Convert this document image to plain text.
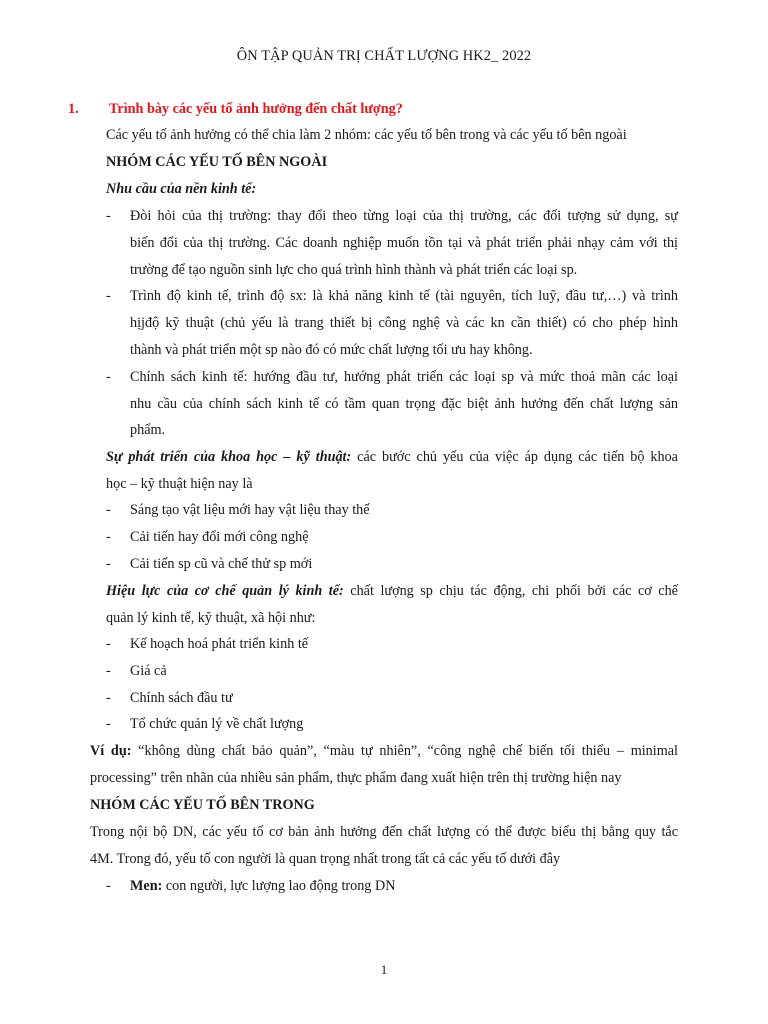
ÔN TẬP QUẢN TRỊ CHẤT LƯỢNG HK2_ 2022
1. Trình bày các yếu tố ảnh hưởng đến chất lượng?
Các yếu tố ảnh hưởng có thể chia làm 2 nhóm: các yếu tố bên trong và các yếu tố bên ngoài
NHÓM CÁC YẾU TỐ BÊN NGOÀI
Nhu cầu của nền kinh tế:
- Đòi hỏi của thị trường: thay đổi theo từng loại của thị trường, các đối tượng sử dụng, sự
biến đổi của thị trường. Các doanh nghiệp muốn tồn tại và phát triển phải nhạy cảm với thị
trường để tạo nguồn sinh lực cho quá trình hình thành và phát triển các loại sp.
- Trình độ kinh tế, trình độ sx: là khả năng kinh tế (tài nguyên, tích luỹ, đầu tư,…) và trình
hịjđộ kỹ thuật (chủ yếu là trang thiết bị công nghệ và các kn cần thiết) có cho phép hình
thành và phát triển một sp nào đó có mức chất lượng tối ưu hay không.
- Chính sách kinh tế: hướng đầu tư, hướng phát triển các loại sp và mức thoả mãn các loại
nhu cầu của chính sách kinh tế có tầm quan trọng đặc biệt ảnh hưởng đến chất lượng sản
phẩm.
Sự phát triển của khoa học – kỹ thuật: các bước chủ yếu của việc áp dụng các tiến bộ khoa
học – kỹ thuật hiện nay là
- Sáng tạo vật liệu mới hay vật liệu thay thế
- Cải tiến hay đổi mới công nghệ
- Cải tiến sp cũ và chế thử sp mới
Hiệu lực của cơ chế quản lý kinh tế: chất lượng sp chịu tác động, chi phối bởi các cơ chế
quản lý kinh tế, kỹ thuật, xã hội như:
- Kế hoạch hoá phát triển kinh tế
- Giá cả
- Chính sách đầu tư
- Tổ chức quản lý về chất lượng
Ví dụ: “không dùng chất bảo quản”, “màu tự nhiên”, “công nghệ chế biến tối thiểu – minimal
processing” trên nhãn của nhiều sản phẩm, thực phẩm đang xuất hiện trên thị trường hiện nay
NHÓM CÁC YẾU TỐ BÊN TRONG
Trong nội bộ DN, các yếu tố cơ bản ảnh hưởng đến chất lượng có thể được biểu thị bằng quy tắc
4M. Trong đó, yếu tố con người là quan trọng nhất trong tất cả các yếu tố dưới đây
- Men: con người, lực lượng lao động trong DN
1
